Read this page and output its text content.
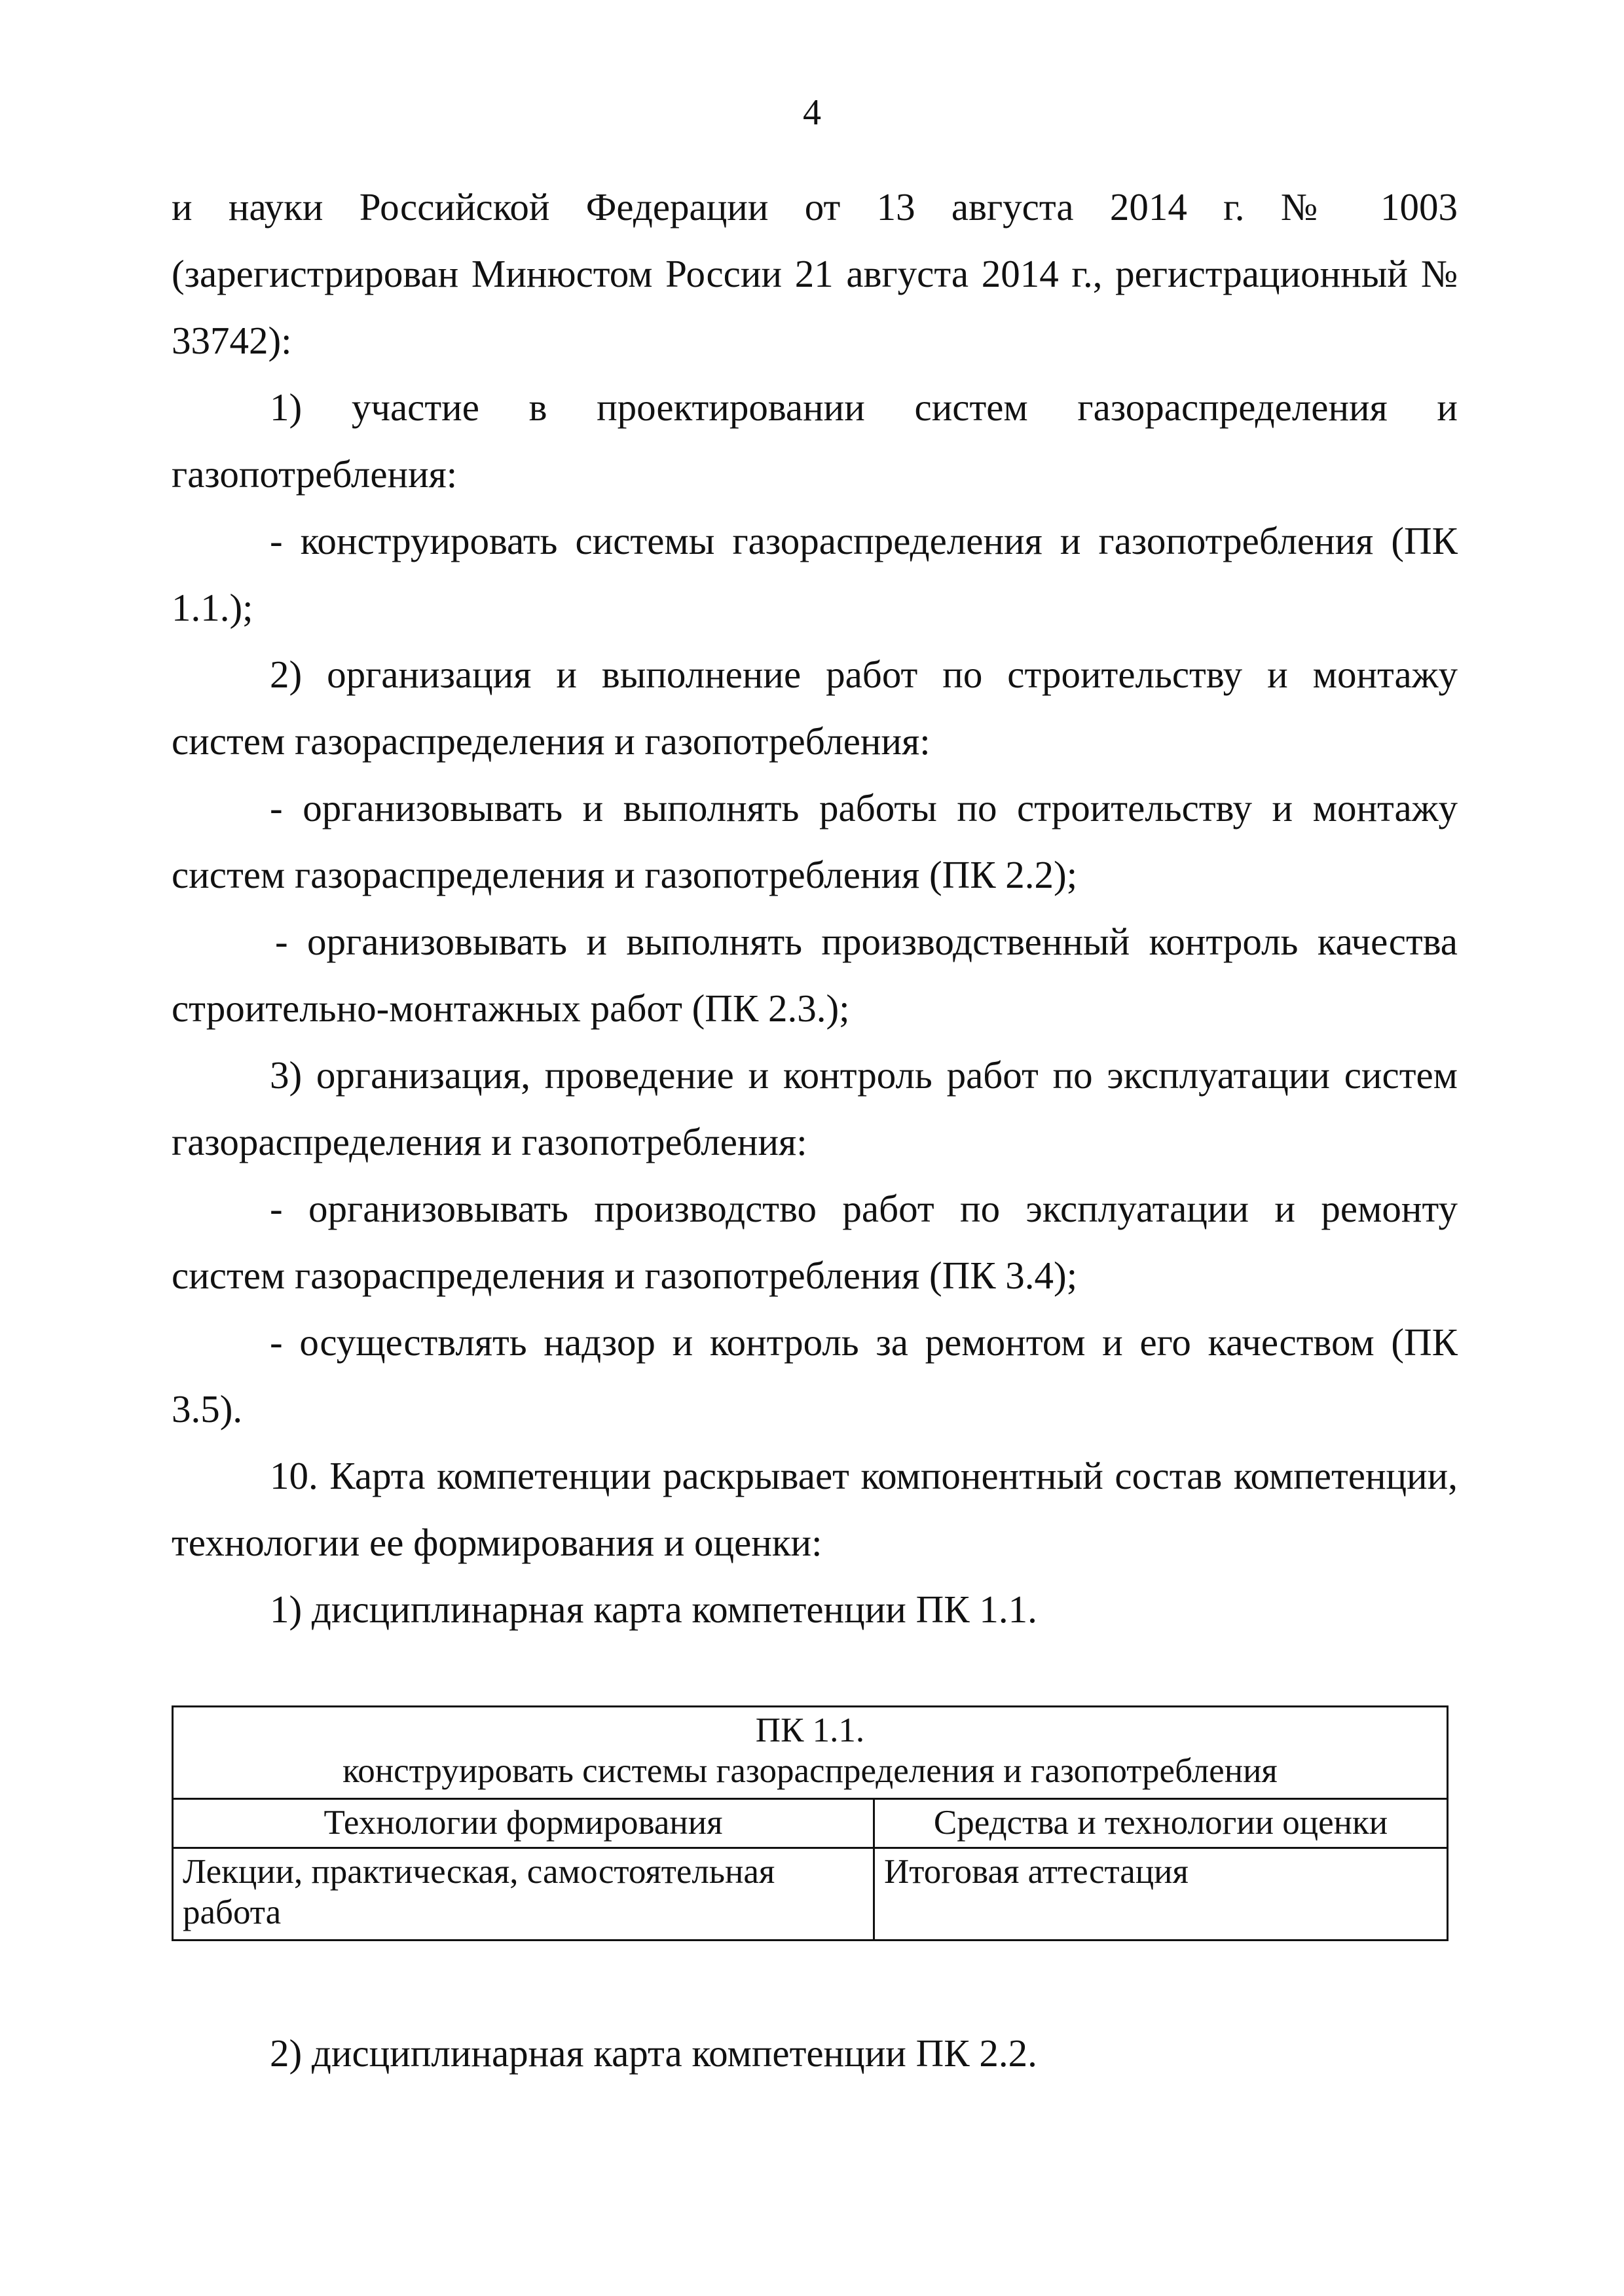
4

и науки Российской Федерации от 13 августа 2014 г. № 1003 (зарегистрирован Минюстом России 21 августа 2014 г., регистрационный № 33742):

1) участие в проектировании систем газораспределения и газопотребления:

- конструировать системы газораспределения и газопотребления (ПК 1.1.);

2) организация и выполнение работ по строительству и монтажу систем газораспределения и газопотребления:

- организовывать и выполнять работы по строительству и монтажу систем газораспределения и газопотребления (ПК 2.2);

- организовывать и выполнять производственный контроль качества строительно-монтажных работ (ПК 2.3.);

3) организация, проведение и контроль работ по эксплуатации систем газораспределения и газопотребления:

- организовывать производство работ по эксплуатации и ремонту систем газораспределения и газопотребления (ПК 3.4);

- осуществлять надзор и контроль за ремонтом и его качеством (ПК 3.5).

10. Карта компетенции раскрывает компонентный состав компетенции, технологии ее формирования и оценки:

1) дисциплинарная карта компетенции ПК 1.1.

ПК 1.1.
конструировать системы газораспределения и газопотребления	

Технологии формирования	Средства и технологии оценки
Лекции, практическая, самостоятельная работа	Итоговая аттестация

2) дисциплинарная карта компетенции ПК 2.2.
